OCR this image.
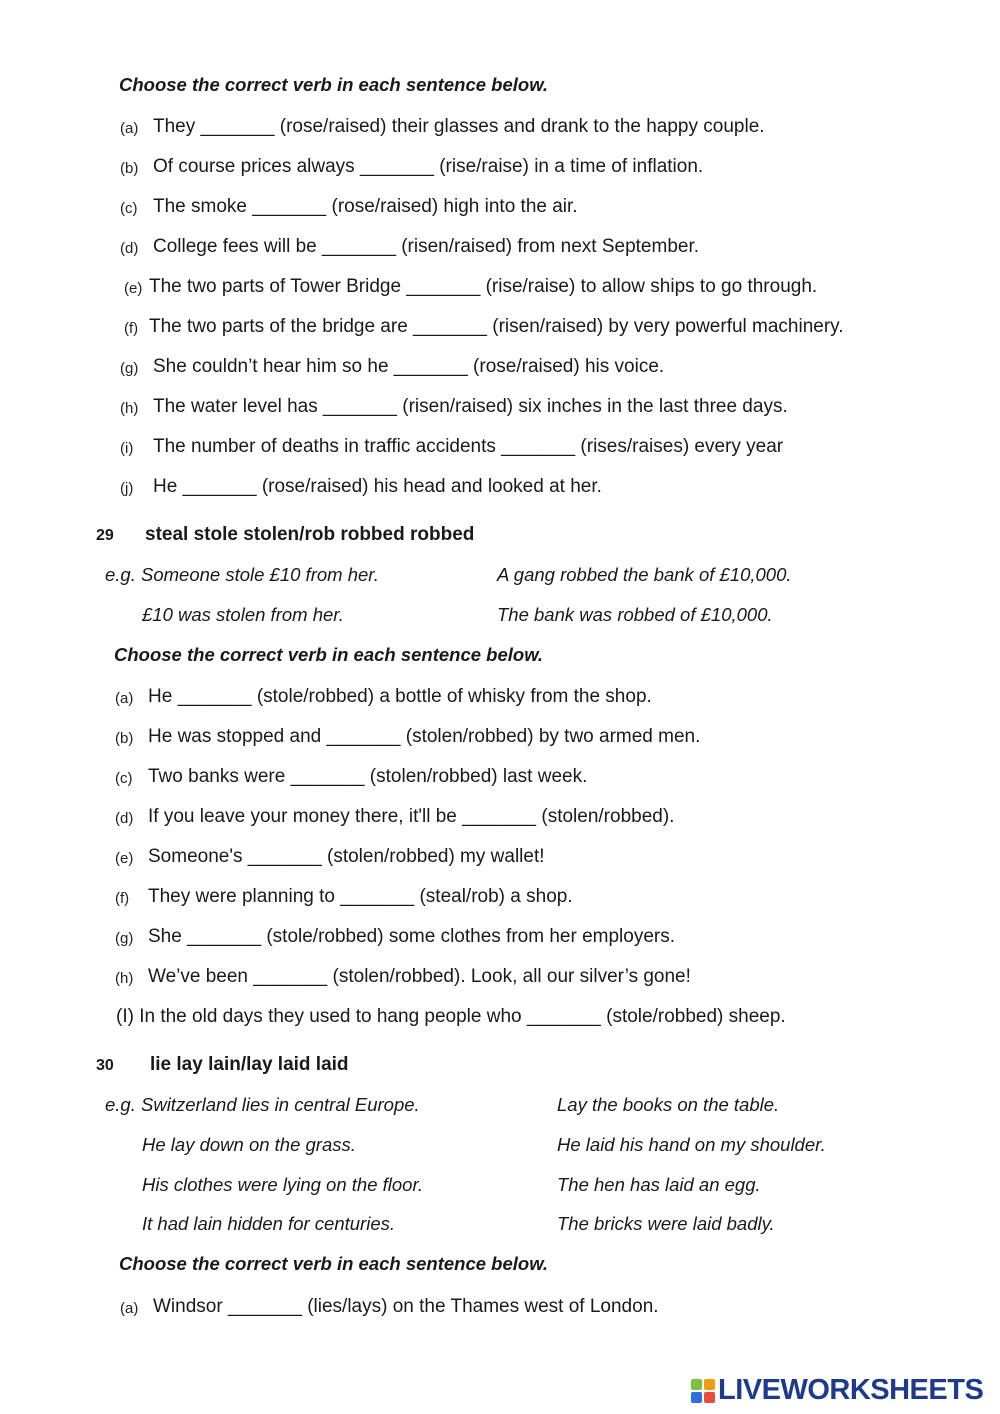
Choose the correct verb in each sentence below.
(a) They _______ (rose/raised) their glasses and drank to the happy couple.
(b) Of course prices always _______ (rise/raise) in a time of inflation.
(c) The smoke _______ (rose/raised) high into the air.
(d) College fees will be _______ (risen/raised) from next September.
(e) The two parts of Tower Bridge _______ (rise/raise) to allow ships to go through.
(f) The two parts of the bridge are _______ (risen/raised) by very powerful machinery.
(g) She couldn’t hear him so he _______ (rose/raised) his voice.
(h) The water level has _______ (risen/raised) six inches in the last three days.
(i) The number of deaths in traffic accidents _______ (rises/raises) every year
(j) He _______ (rose/raised) his head and looked at her.
29 steal stole stolen/rob robbed robbed
e.g. Someone stole £10 from her.
£10 was stolen from her.
A gang robbed the bank of £10,000.
The bank was robbed of £10,000.
Choose the correct verb in each sentence below.
(a) He _______ (stole/robbed) a bottle of whisky from the shop.
(b) He was stopped and _______ (stolen/robbed) by two armed men.
(c) Two banks were _______ (stolen/robbed) last week.
(d) If you leave your money there, it'll be _______ (stolen/robbed).
(e) Someone's _______ (stolen/robbed) my wallet!
(f) They were planning to _______ (steal/rob) a shop.
(g) She _______ (stole/robbed) some clothes from her employers.
(h) We’ve been _______ (stolen/robbed). Look, all our silver’s gone!
(I) In the old days they used to hang people who _______ (stole/robbed) sheep.
30 lie lay lain/lay laid laid
e.g. Switzerland lies in central Europe.
He lay down on the grass.
His clothes were lying on the floor.
It had lain hidden for centuries.
Lay the books on the table.
He laid his hand on my shoulder.
The hen has laid an egg.
The bricks were laid badly.
Choose the correct verb in each sentence below.
(a) Windsor _______ (lies/lays) on the Thames west of London.
LIVEWORKSHEETS
